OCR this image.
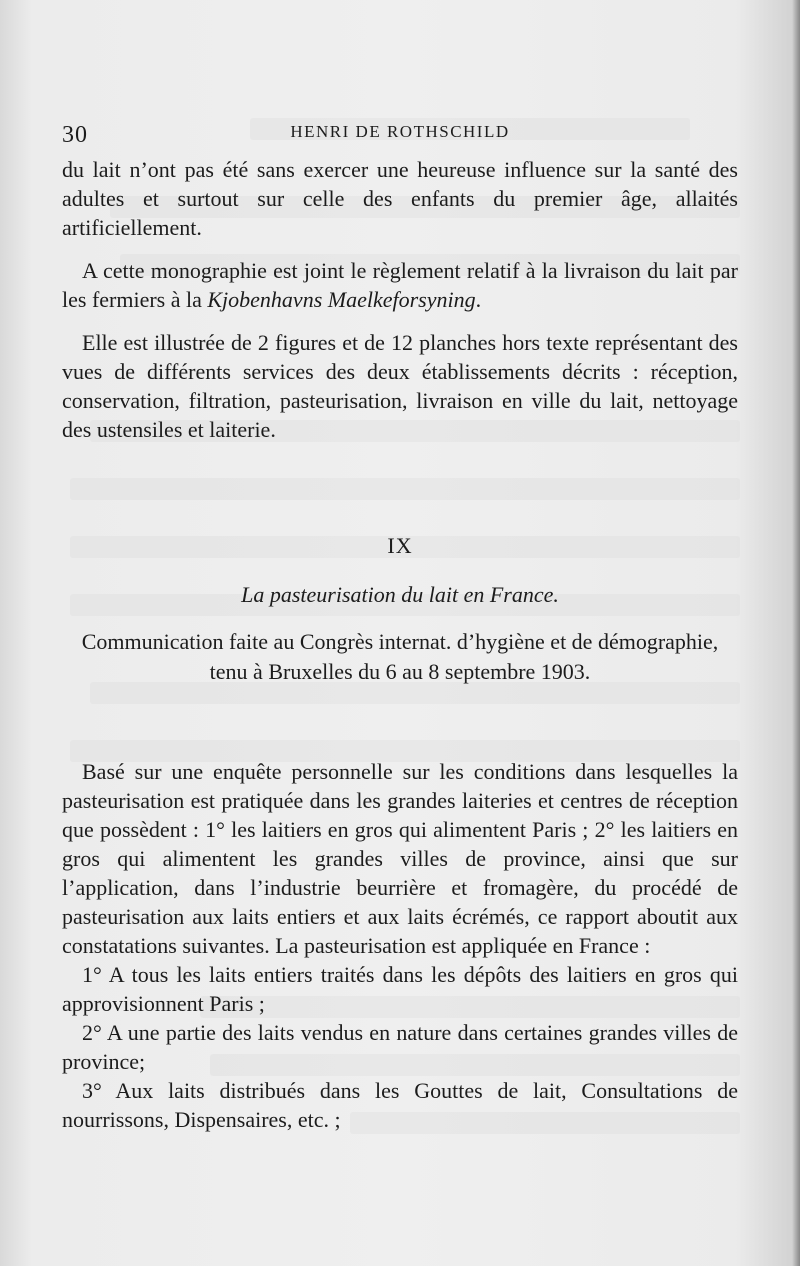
30	HENRI DE ROTHSCHILD

du lait n’ont pas été sans exercer une heureuse influence sur la santé des adultes et surtout sur celle des enfants du premier âge, allaités artificiellement.

A cette monographie est joint le règlement relatif à la livraison du lait par les fermiers à la Kjobenhavns Maelkeforsyning.

Elle est illustrée de 2 figures et de 12 planches hors texte représentant des vues de différents services des deux établissements décrits : réception, conservation, filtration, pasteurisation, livraison en ville du lait, nettoyage des ustensiles et laiterie.

IX
La pasteurisation du lait en France.
Communication faite au Congrès internat. d’hygiène et de démographie,
tenu à Bruxelles du 6 au 8 septembre 1903.

Basé sur une enquête personnelle sur les conditions dans lesquelles la pasteurisation est pratiquée dans les grandes laiteries et centres de réception que possèdent : 1° les laitiers en gros qui alimentent Paris ; 2° les laitiers en gros qui alimentent les grandes villes de province, ainsi que sur l’application, dans l’industrie beurrière et fromagère, du procédé de pasteurisation aux laits entiers et aux laits écrémés, ce rapport aboutit aux constatations suivantes. La pasteurisation est appliquée en France :

1° A tous les laits entiers traités dans les dépôts des laitiers en gros qui approvisionnent Paris ;

2° A une partie des laits vendus en nature dans certaines grandes villes de province;

3° Aux laits distribués dans les Gouttes de lait, Consultations de nourrissons, Dispensaires, etc. ;
